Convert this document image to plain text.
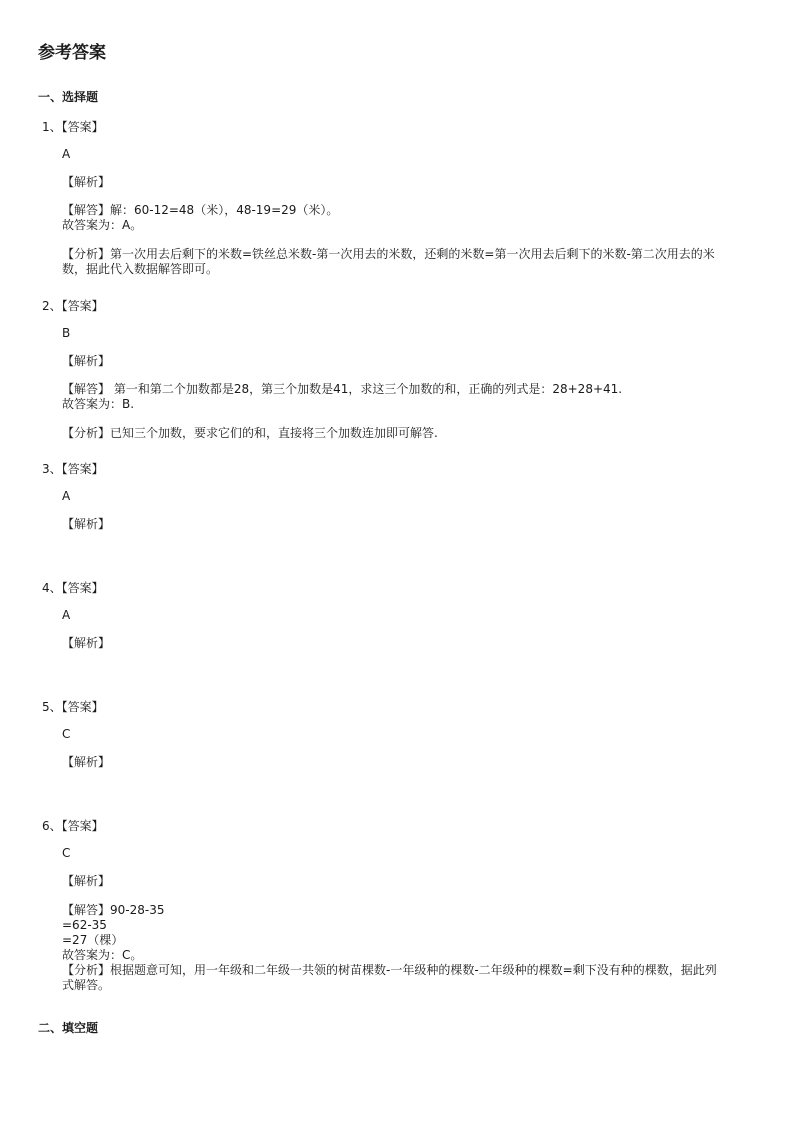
参考答案
一、选择题
1、【答案】
A
【解析】
【解答】解：60-12=48（米），48-19=29（米）。
故答案为：A。
【分析】第一次用去后剩下的米数=铁丝总米数-第一次用去的米数，还剩的米数=第一次用去后剩下的米数-第二次用去的米数，据此代入数据解答即可。
2、【答案】
B
【解析】
【解答】 第一和第二个加数都是28，第三个加数是41，求这三个加数的和，正确的列式是：28+28+41.
故答案为：B.
【分析】已知三个加数，要求它们的和，直接将三个加数连加即可解答.
3、【答案】
A
【解析】
4、【答案】
A
【解析】
5、【答案】
C
【解析】
6、【答案】
C
【解析】
【解答】90-28-35
=62-35
=27（棵）
故答案为：C。
【分析】根据题意可知，用一年级和二年级一共领的树苗棵数-一年级种的棵数-二年级种的棵数=剩下没有种的棵数，据此列式解答。
二、填空题
